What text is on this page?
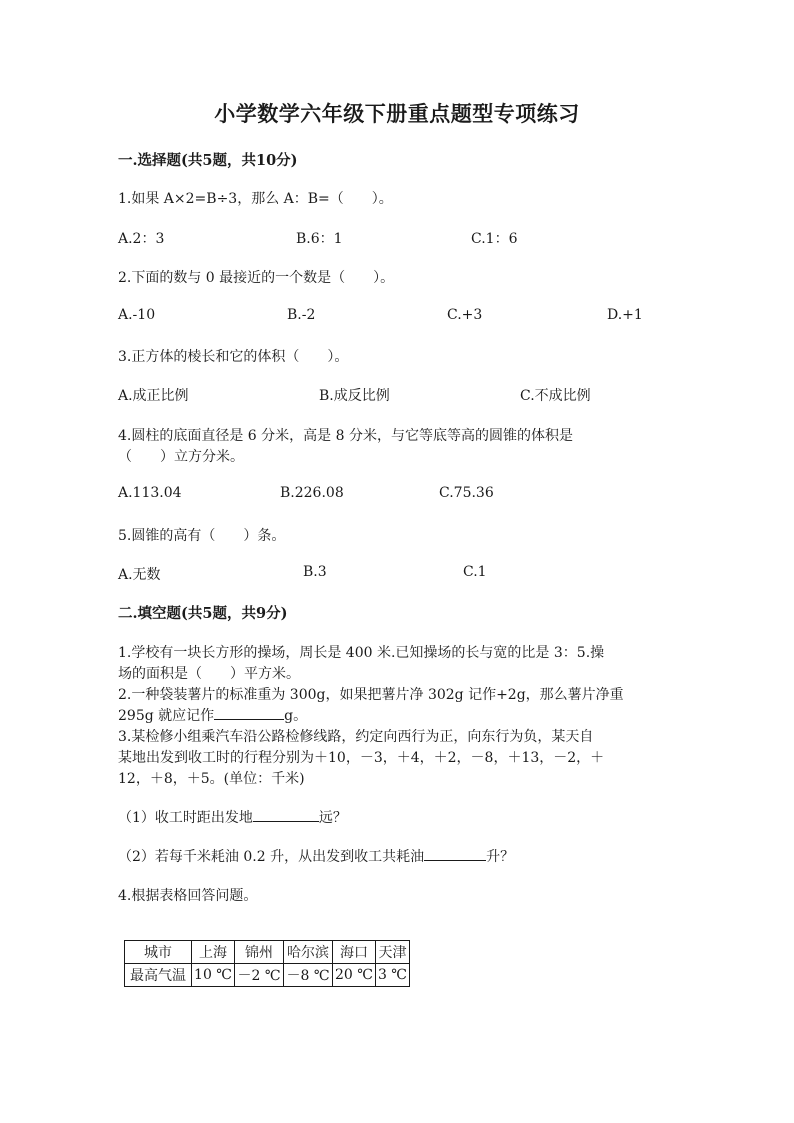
小学数学六年级下册重点题型专项练习
一.选择题(共5题，共10分)
1.如果 A×2=B÷3，那么 A：B=（　　）。
A.2：3	B.6：1	C.1：6
2.下面的数与 0 最接近的一个数是（　　）。
A.-10	B.-2	C.+3	D.+1
3.正方体的棱长和它的体积（　　）。
A.成正比例	B.成反比例	C.不成比例
4.圆柱的底面直径是 6 分米，高是 8 分米，与它等底等高的圆锥的体积是
（　　）立方分米。
A.113.04	B.226.08	C.75.36
5.圆锥的高有（　　）条。
A.无数	B.3	C.1
二.填空题(共5题，共9分)
1.学校有一块长方形的操场，周长是 400 米.已知操场的长与宽的比是 3：5.操
场的面积是（　　）平方米。
2.一种袋装薯片的标准重为 300g，如果把薯片净 302g 记作+2g，那么薯片净重
295g 就应记作	g。
3.某检修小组乘汽车沿公路检修线路，约定向西行为正，向东行为负，某天自
某地出发到收工时的行程分别为＋10，－3，＋4，＋2，－8，＋13，－2，＋
12，＋8，＋5。(单位：千米)
（1）收工时距出发地	远？
（2）若每千米耗油 0.2 升，从出发到收工共耗油	升？
4.根据表格回答问题。
城市	上海	锦州	哈尔滨	海口	天津
最高气温	10 ℃	－2 ℃	－8 ℃	20 ℃	3 ℃
